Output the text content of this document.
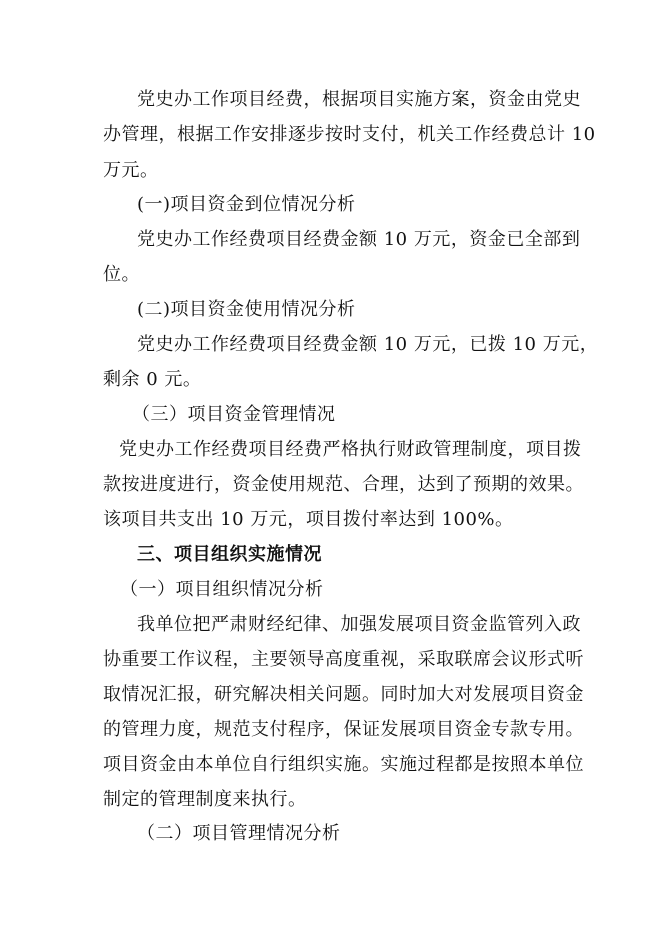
党史办工作项目经费，根据项目实施方案，资金由党史
办管理，根据工作安排逐步按时支付，机关工作经费总计 10
万元。
(一)项目资金到位情况分析
党史办工作经费项目经费金额 10 万元，资金已全部到
位。
(二)项目资金使用情况分析
党史办工作经费项目经费金额 10 万元，已拨 10 万元，
剩余 0 元。
（三）项目资金管理情况
党史办工作经费项目经费严格执行财政管理制度，项目拨
款按进度进行，资金使用规范、合理，达到了预期的效果。
该项目共支出 10 万元，项目拨付率达到 100%。
三、项目组织实施情况
（一）项目组织情况分析
我单位把严肃财经纪律、加强发展项目资金监管列入政
协重要工作议程，主要领导高度重视，采取联席会议形式听
取情况汇报，研究解决相关问题。同时加大对发展项目资金
的管理力度，规范支付程序，保证发展项目资金专款专用。
项目资金由本单位自行组织实施。实施过程都是按照本单位
制定的管理制度来执行。
（二）项目管理情况分析
